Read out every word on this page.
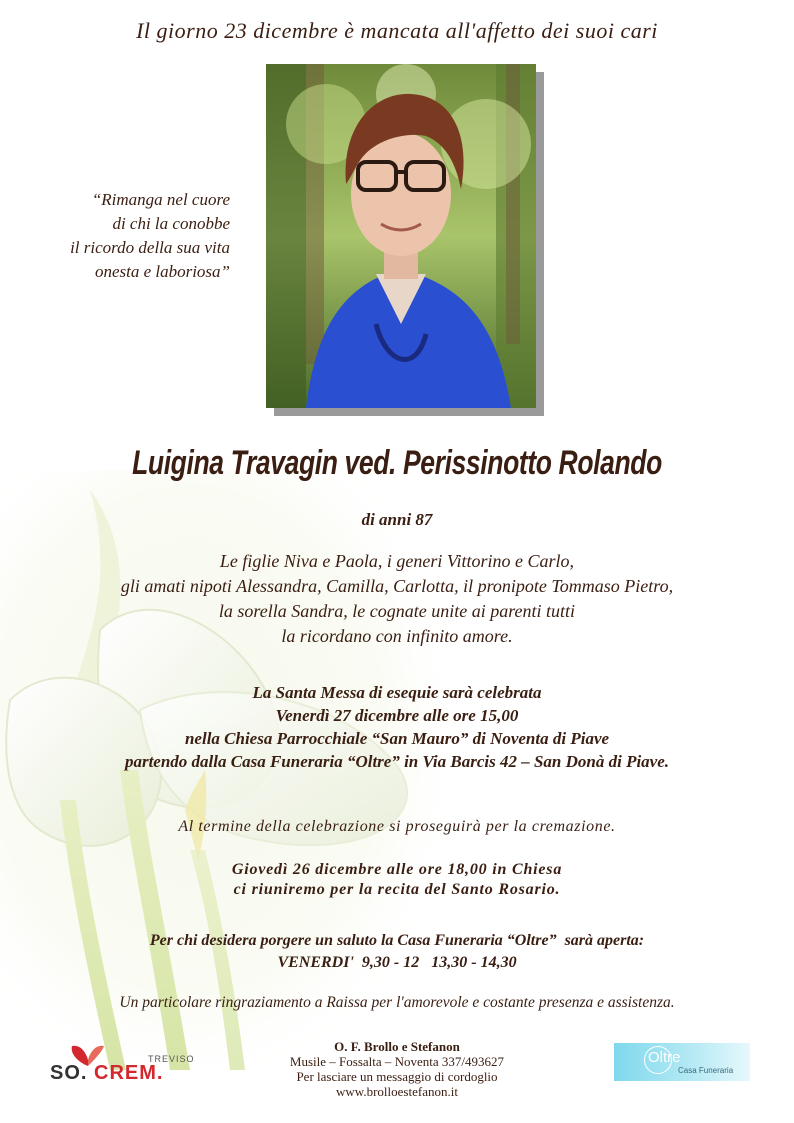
Il giorno 23 dicembre è mancata all'affetto dei suoi cari
“Rimanga nel cuore
di chi la conobbe
il ricordo della sua vita
onesta e laboriosa”
Luigina Travagin ved. Perissinotto Rolando
di anni 87
Le figlie Niva e Paola, i generi Vittorino e Carlo,
gli amati nipoti Alessandra, Camilla, Carlotta, il pronipote Tommaso Pietro,
la sorella Sandra, le cognate unite ai parenti tutti
la ricordano con infinito amore.
La Santa Messa di esequie sarà celebrata
Venerdì 27 dicembre alle ore 15,00
nella Chiesa Parrocchiale “San Mauro” di Noventa di Piave
partendo dalla Casa Funeraria “Oltre” in Via Barcis 42 – San Donà di Piave.
Al termine della celebrazione si proseguirà per la cremazione.
Giovedì 26 dicembre alle ore 18,00 in Chiesa
ci riuniremo per la recita del Santo Rosario.
Per chi desidera porgere un saluto la Casa Funeraria “Oltre”  sarà aperta:
VENERDI'  9,30 - 12   13,30 - 14,30
Un particolare ringraziamento a Raissa per l'amorevole e costante presenza e assistenza.
O. F. Brollo e Stefanon
Musile – Fossalta – Noventa 337/493627
Per lasciare un messaggio di cordoglio
www.brolloestefanon.it
TREVISO
SO. CREM.
Oltre
Casa Funeraria
